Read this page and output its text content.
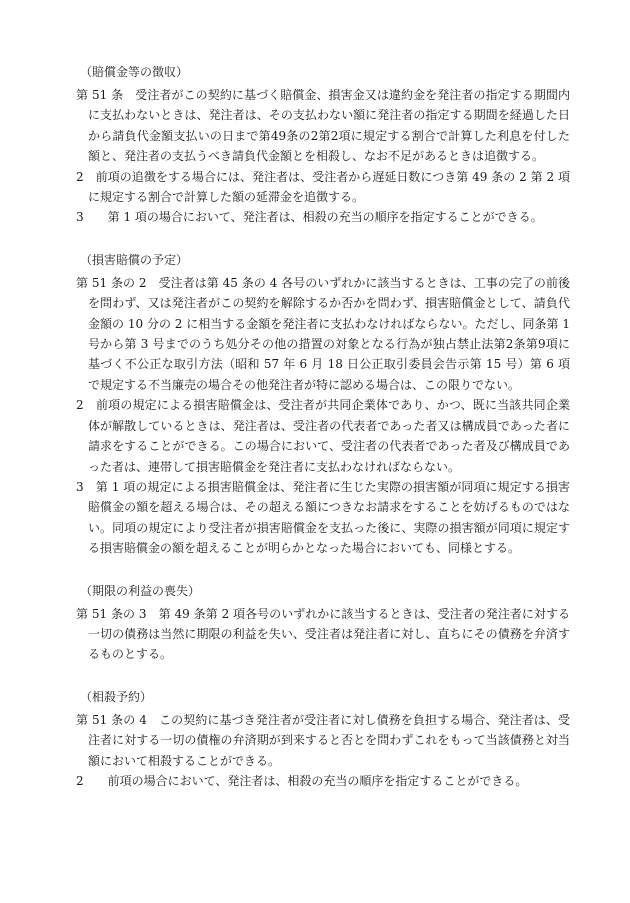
（賠償金等の徴収）
第 51 条　受注者がこの契約に基づく賠償金、損害金又は違約金を発注者の指定する期間内に支払わないときは、発注者は、その支払わない額に発注者の指定する期間を経過した日から請負代金額支払いの日まで第49条の2第2項に規定する割合で計算した利息を付した額と、発注者の支払うべき請負代金額とを相殺し、なお不足があるときは追徴する。
2　前項の追徴をする場合には、発注者は、受注者から遅延日数につき第 49 条の 2 第 2 項に規定する割合で計算した額の延滞金を追徴する。
3　　第 1 項の場合において、発注者は、相殺の充当の順序を指定することができる。
（損害賠償の予定）
第 51 条の 2　受注者は第 45 条の 4 各号のいずれかに該当するときは、工事の完了の前後を問わず、又は発注者がこの契約を解除するか否かを問わず、損害賠償金として、請負代金額の 10 分の 2 に相当する金額を発注者に支払わなければならない。ただし、同条第 1 号から第 3 号までのうち処分その他の措置の対象となる行為が独占禁止法第2条第9項に基づく不公正な取引方法（昭和 57 年 6 月 18 日公正取引委員会告示第 15 号）第 6 項で規定する不当廉売の場合その他発注者が特に認める場合は、この限りでない。
2　前項の規定による損害賠償金は、受注者が共同企業体であり、かつ、既に当該共同企業体が解散しているときは、発注者は、受注者の代表者であった者又は構成員であった者に請求をすることができる。この場合において、受注者の代表者であった者及び構成員であった者は、連帯して損害賠償金を発注者に支払わなければならない。
3　第 1 項の規定による損害賠償金は、発注者に生じた実際の損害額が同項に規定する損害賠償金の額を超える場合は、その超える額につきなお請求をすることを妨げるものではない。同項の規定により受注者が損害賠償金を支払った後に、実際の損害額が同項に規定する損害賠償金の額を超えることが明らかとなった場合においても、同様とする。
（期限の利益の喪失）
第 51 条の 3　第 49 条第 2 項各号のいずれかに該当するときは、受注者の発注者に対する一切の債務は当然に期限の利益を失い、受注者は発注者に対し、直ちにその債務を弁済するものとする。
（相殺予約）
第 51 条の 4　この契約に基づき発注者が受注者に対し債務を負担する場合、発注者は、受注者に対する一切の債権の弁済期が到来すると否とを問わずこれをもって当該債務と対当額において相殺することができる。
2　　前項の場合において、発注者は、相殺の充当の順序を指定することができる。
